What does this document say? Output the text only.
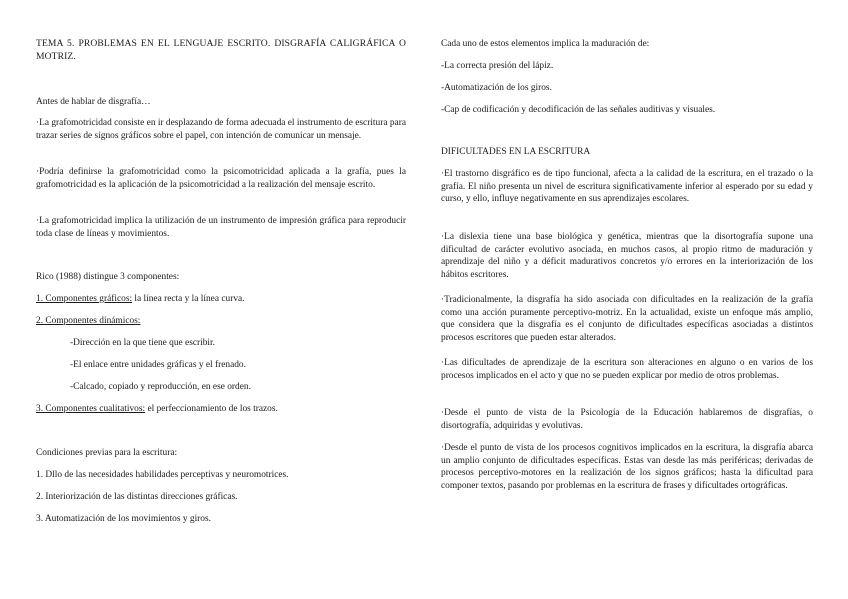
TEMA 5. PROBLEMAS EN EL LENGUAJE ESCRITO. DISGRAFÍA CALIGRÁFICA O MOTRIZ.

Antes de hablar de disgrafía…

·La grafomotricidad consiste en ir desplazando de forma adecuada el instrumento de escritura para trazar series de signos gráficos sobre el papel, con intención de comunicar un mensaje.

·Podría definirse la grafomotricidad como la psicomotricidad aplicada a la grafía, pues la grafomotricidad es la aplicación de la psicomotricidad a la realización del mensaje escrito.

·La grafomotricidad implica la utilización de un instrumento de impresión gráfica para reproducir toda clase de líneas y movimientos.

Rico (1988) distingue 3 componentes:

1. Componentes gráficos: la línea recta y la línea curva.

2. Componentes dinámicos:

-Dirección en la que tiene que escribir.

-El enlace entre unidades gráficas y el frenado.

-Calcado, copiado y reproducción, en ese orden.

3. Componentes cualitativos: el perfeccionamiento de los trazos.

Condiciones previas para la escritura:

1. Dllo de las necesidades habilidades perceptivas y neuromotrices.

2. Interiorización de las distintas direcciones gráficas.

3. Automatización de los movimientos y giros.

Cada uno de estos elementos implica la maduración de:

-La correcta presión del lápiz.

-Automatización de los giros.

-Cap de codificación y decodificación de las señales auditivas y visuales.

DIFICULTADES EN LA ESCRITURA

·El trastorno disgráfico es de tipo funcional, afecta a la calidad de la escritura, en el trazado o la grafía. El niño presenta un nivel de escritura significativamente inferior al esperado por su edad y curso, y ello, influye negativamente en sus aprendizajes escolares.

·La dislexia tiene una base biológica y genética, mientras que la disortografía supone una dificultad de carácter evolutivo asociada, en muchos casos, al propio ritmo de maduración y aprendizaje del niño y a déficit madurativos concretos y/o errores en la interiorización de los hábitos escritores.

·Tradicionalmente, la disgrafía ha sido asociada con dificultades en la realización de la grafía como una acción puramente perceptivo-motriz. En la actualidad, existe un enfoque más amplio, que considera que la disgrafía es el conjunto de dificultades específicas asociadas a distintos procesos escritores que pueden estar alterados.

·Las dificultades de aprendizaje de la escritura son alteraciones en alguno o en varios de los procesos implicados en el acto y que no se pueden explicar por medio de otros problemas.

·Desde el punto de vista de la Psicología de la Educación hablaremos de disgrafías, o disortografía, adquiridas y evolutivas.

·Desde el punto de vista de los procesos cognitivos implicados en la escritura, la disgrafía abarca un amplio conjunto de dificultades específicas. Estas van desde las más periféricas; derivadas de procesos perceptivo-motores en la realización de los signos gráficos; hasta la dificultad para componer textos, pasando por problemas en la escritura de frases y dificultades ortográficas.
